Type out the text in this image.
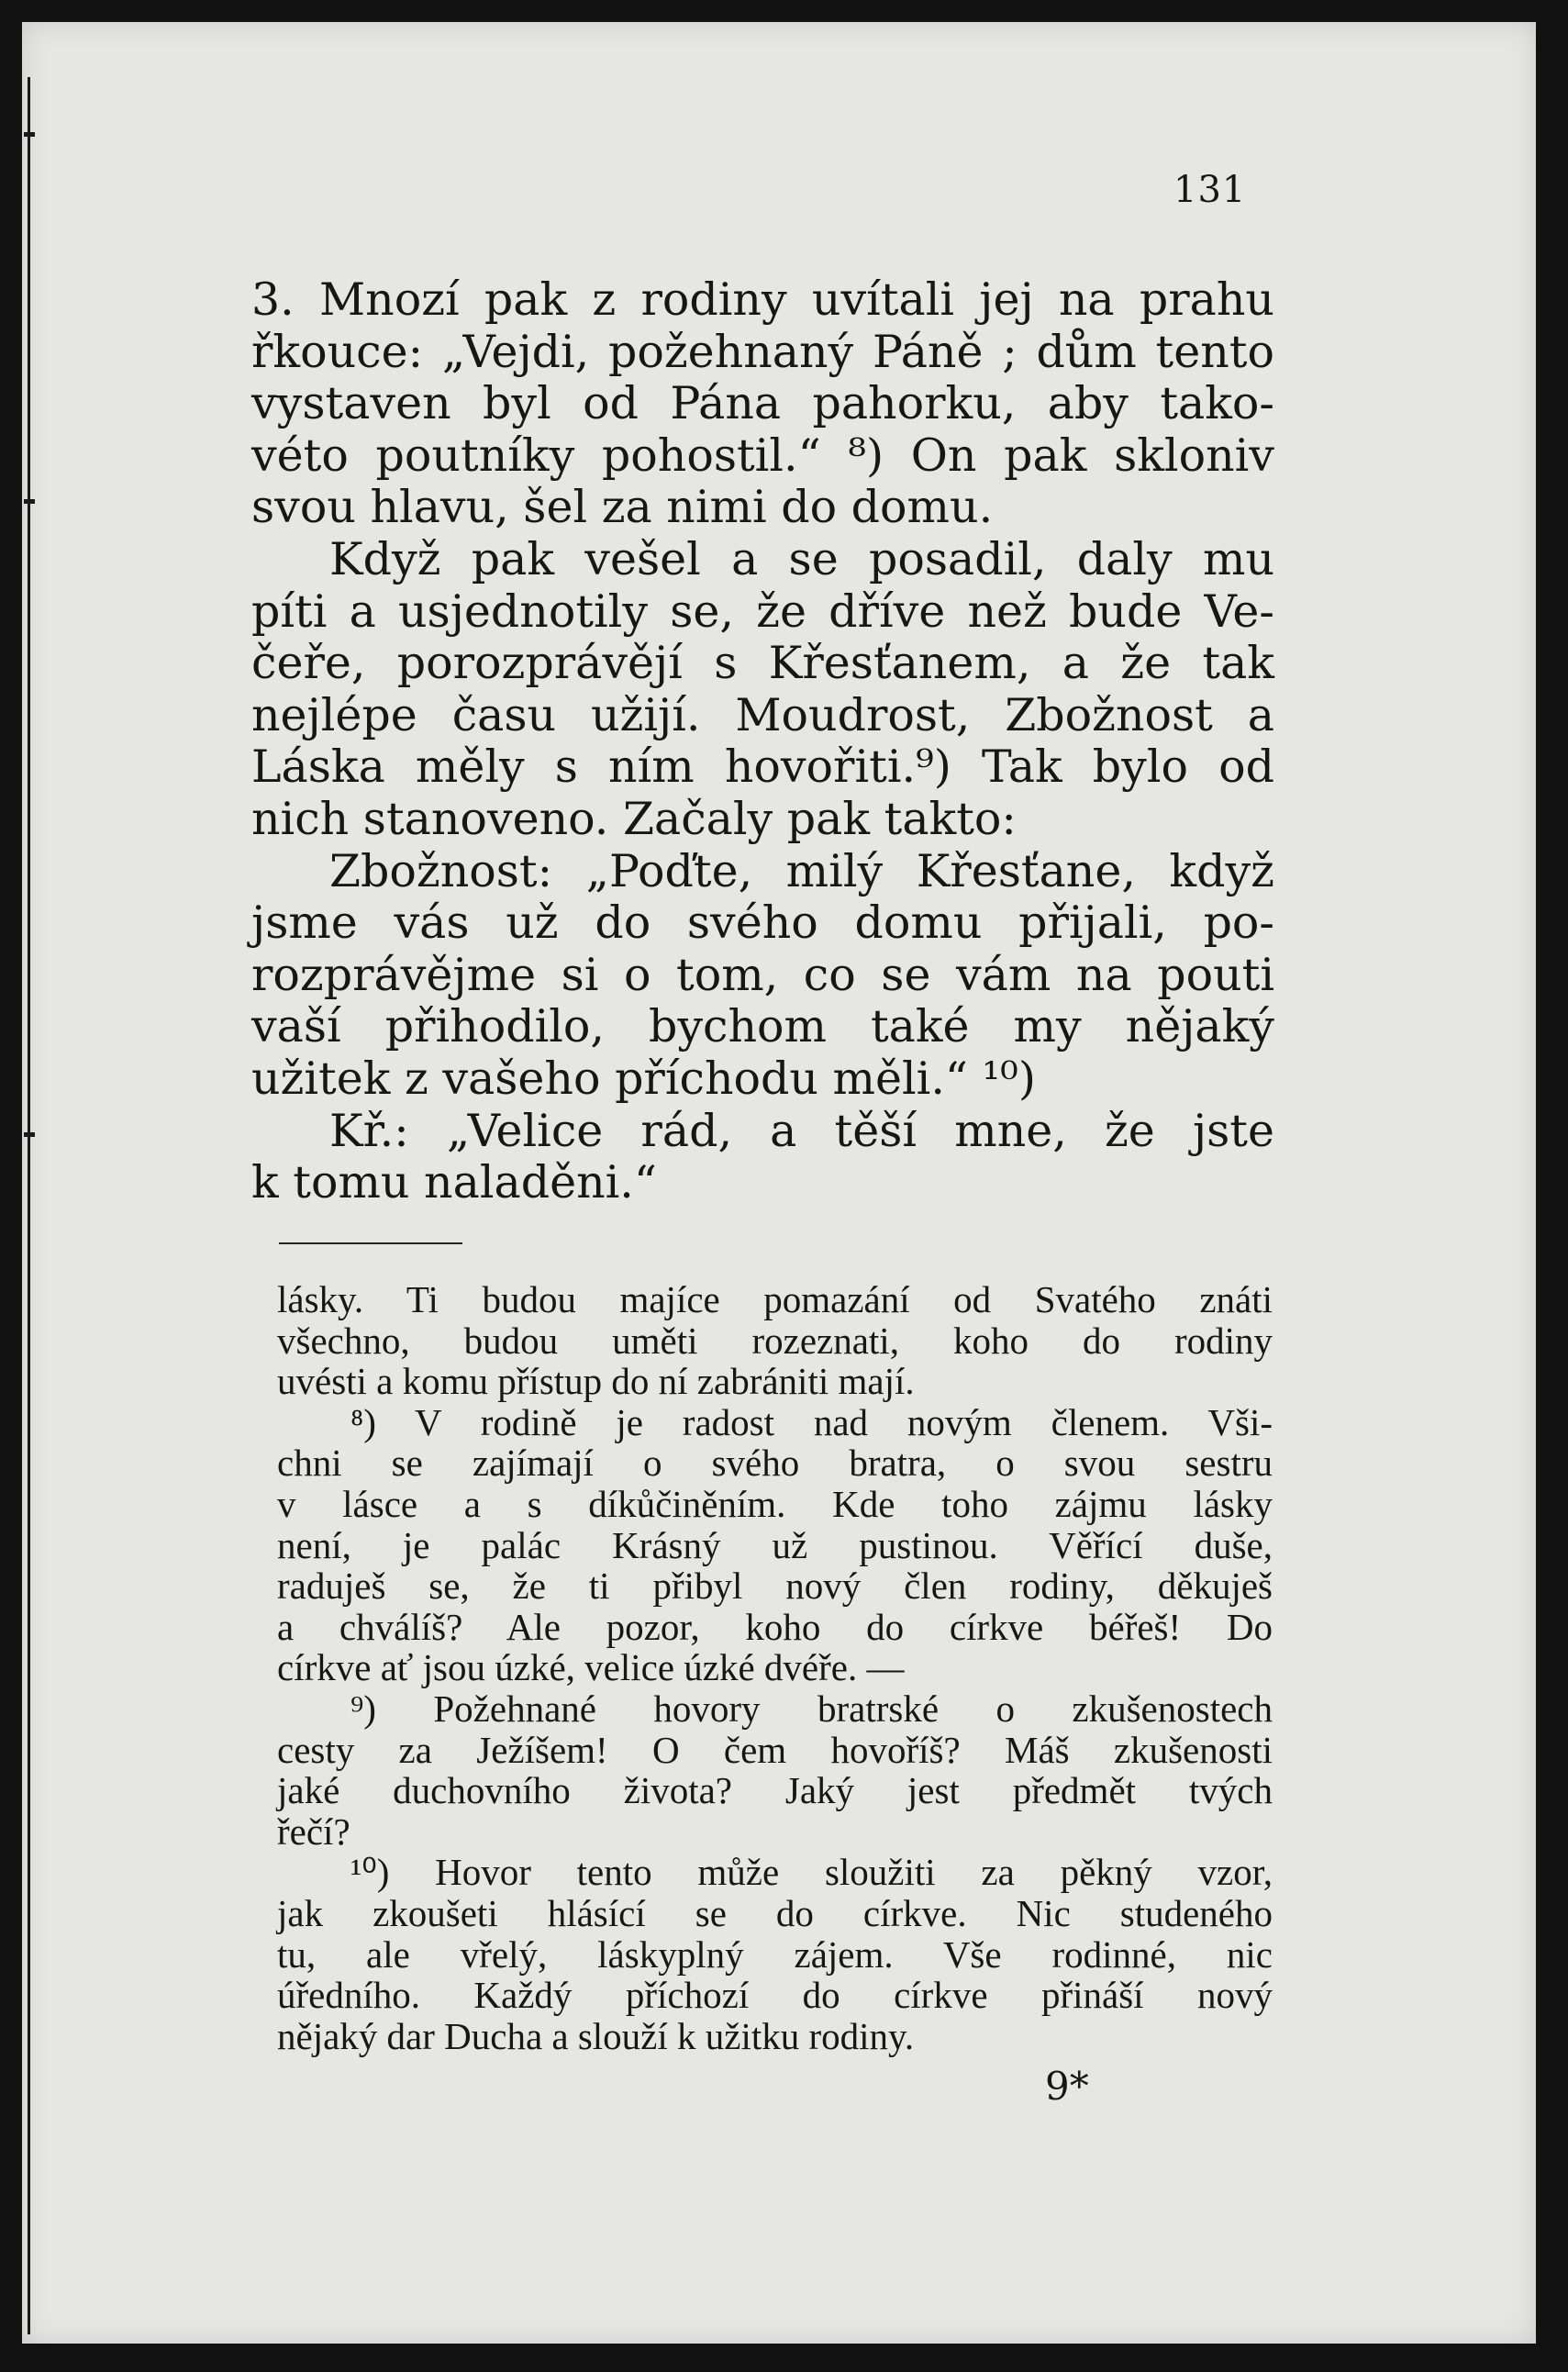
131
3. Mnozí pak z rodiny uvítali jej na prahu
řkouce: „Vejdi, požehnaný Páně ; dům tento
vystaven byl od Pána pahorku, aby tako-
véto poutníky pohostil.“ ⁸) On pak skloniv
svou hlavu, šel za nimi do domu.
Když pak vešel a se posadil, daly mu
píti a usjednotily se, že dříve než bude Ve-
čeře, porozprávějí s Křesťanem, a že tak
nejlépe času užijí. Moudrost, Zbožnost a
Láska měly s ním hovořiti.⁹) Tak bylo od
nich stanoveno. Začaly pak takto:
Zbožnost: „Poďte, milý Křesťane, když
jsme vás už do svého domu přijali, po-
rozprávějme si o tom, co se vám na pouti
vaší přihodilo, bychom také my nějaký
užitek z vašeho příchodu měli.“ ¹⁰)
Kř.: „Velice rád, a těší mne, že jste
k tomu naladěni.“
lásky. Ti budou majíce pomazání od Svatého znáti
všechno, budou uměti rozeznati, koho do rodiny
uvésti a komu přístup do ní zabrániti mají.
⁸) V rodině je radost nad novým členem. Vši-
chni se zajímají o svého bratra, o svou sestru
v lásce a s díkůčiněním. Kde toho zájmu lásky
není, je palác Krásný už pustinou. Věřící duše,
raduješ se, že ti přibyl nový člen rodiny, děkuješ
a chválíš? Ale pozor, koho do církve béřeš! Do
církve ať jsou úzké, velice úzké dvéře. —
⁹) Požehnané hovory bratrské o zkušenostech
cesty za Ježíšem! O čem hovoříš? Máš zkušenosti
jaké duchovního života? Jaký jest předmět tvých
řečí?
¹⁰) Hovor tento může sloužiti za pěkný vzor,
jak zkoušeti hlásící se do církve. Nic studeného
tu, ale vřelý, láskyplný zájem. Vše rodinné, nic
úředního. Každý příchozí do církve přináší nový
nějaký dar Ducha a slouží k užitku rodiny.
9*
